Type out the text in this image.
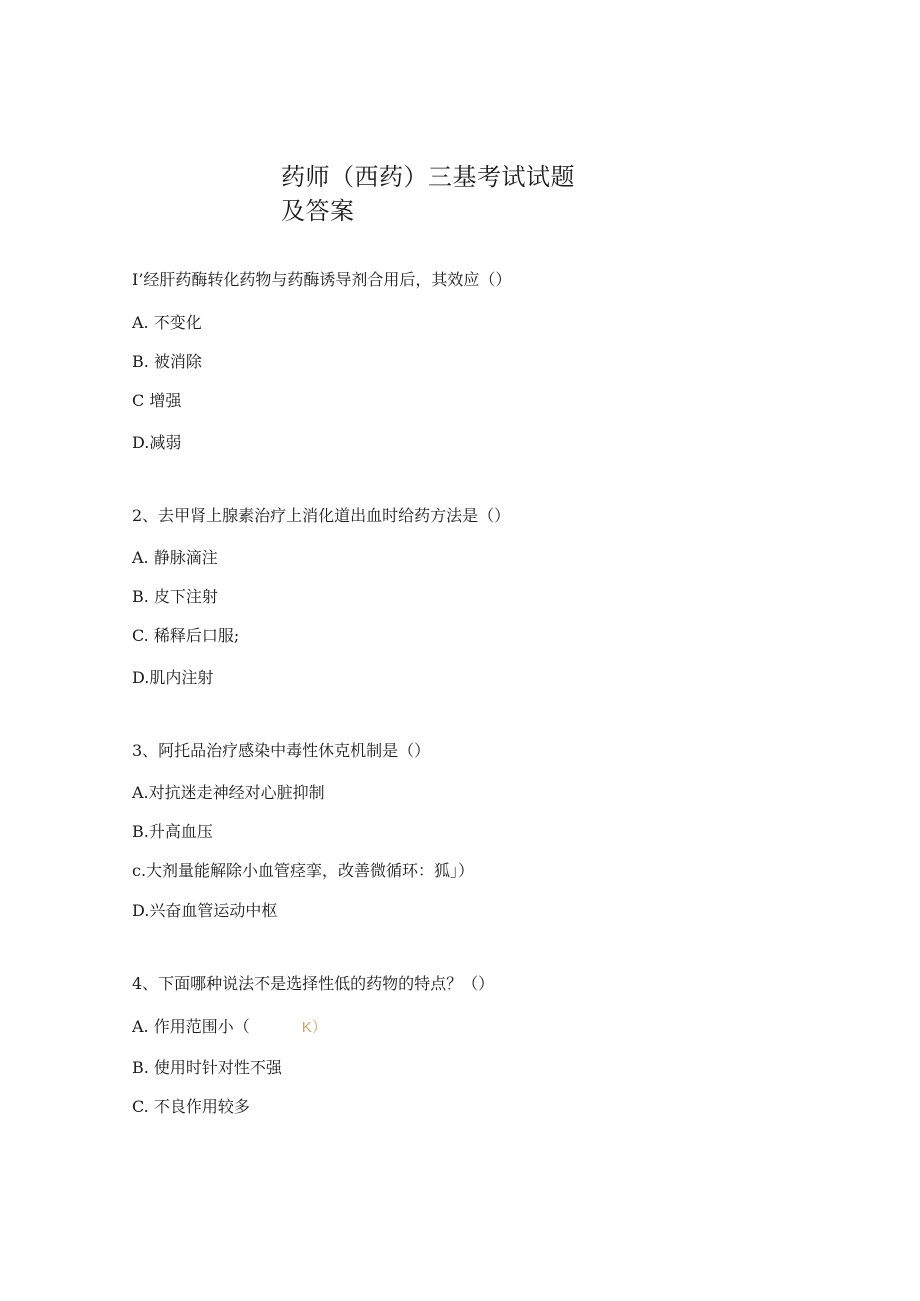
药师（西药）三基考试试题
及答案
I’经肝药酶转化药物与药酶诱导剂合用后，其效应（）
A. 不变化
B. 被消除
C 增强
D.减弱
2、去甲肾上腺素治疗上消化道出血时给药方法是（）
A. 静脉滴注
B. 皮下注射
C. 稀释后口服;
D.肌内注射
3、阿托品治疗感染中毒性休克机制是（）
A.对抗迷走神经对心脏抑制
B.升高血压
c.大剂量能解除小血管痉挛，改善微循环：狐」）
D.兴奋血管运动中枢
4、下面哪种说法不是选择性低的药物的特点？（）
A. 作用范围小（	K）
B. 使用时针对性不强
C. 不良作用较多
